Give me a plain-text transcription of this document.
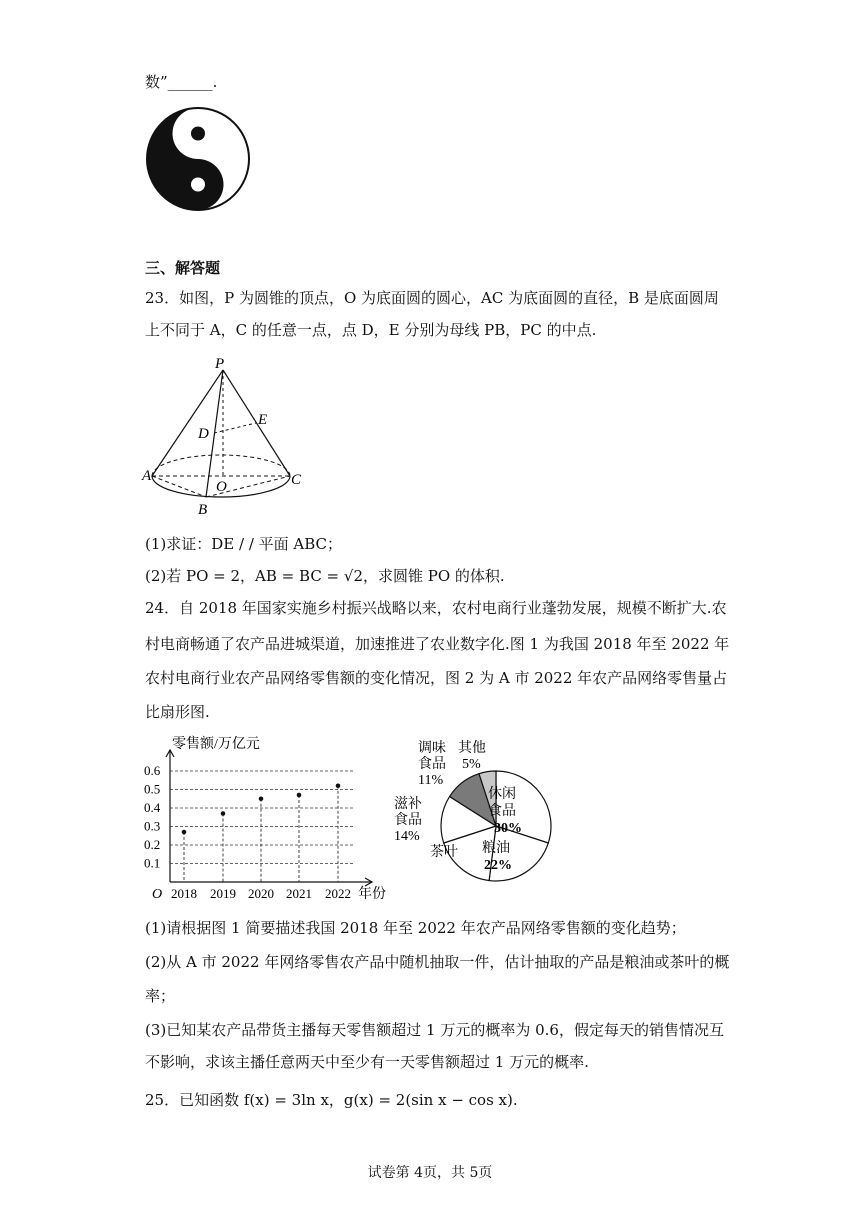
数”______.
三、解答题
23．如图，P 为圆锥的顶点，O 为底面圆的圆心，AC 为底面圆的直径，B 是底面圆周
上不同于 A，C 的任意一点，点 D，E 分别为母线 PB，PC 的中点.
P
D
E
A
O	C
B
(1)求证：DE / / 平面 ABC；
(2)若 PO = 2，AB = BC = √2，求圆锥 PO 的体积.
24．自 2018 年国家实施乡村振兴战略以来，农村电商行业蓬勃发展，规模不断扩大.农
村电商畅通了农产品进城渠道，加速推进了农业数字化.图 1 为我国 2018 年至 2022 年
农村电商行业农产品网络零售额的变化情况，图 2 为 A 市 2022 年农产品网络零售量占
比扇形图.
0.1
0.2
0.3
0.4
0.5
0.6
2018 2019 2020 2021 2022
O
零售额/万亿元
年份
休闲
食品
30%
粮油
22%
茶叶
滋补
食品
14%
调味
食品
11%
其他
5%
(1)请根据图 1 简要描述我国 2018 年至 2022 年农产品网络零售额的变化趋势；
(2)从 A 市 2022 年网络零售农产品中随机抽取一件，估计抽取的产品是粮油或茶叶的概
率；
(3)已知某农产品带货主播每天零售额超过 1 万元的概率为 0.6，假定每天的销售情况互
不影响，求该主播任意两天中至少有一天零售额超过 1 万元的概率.
25．已知函数 f(x) = 3ln x，g(x) = 2(sin x − cos x).
试卷第 4页，共 5页
